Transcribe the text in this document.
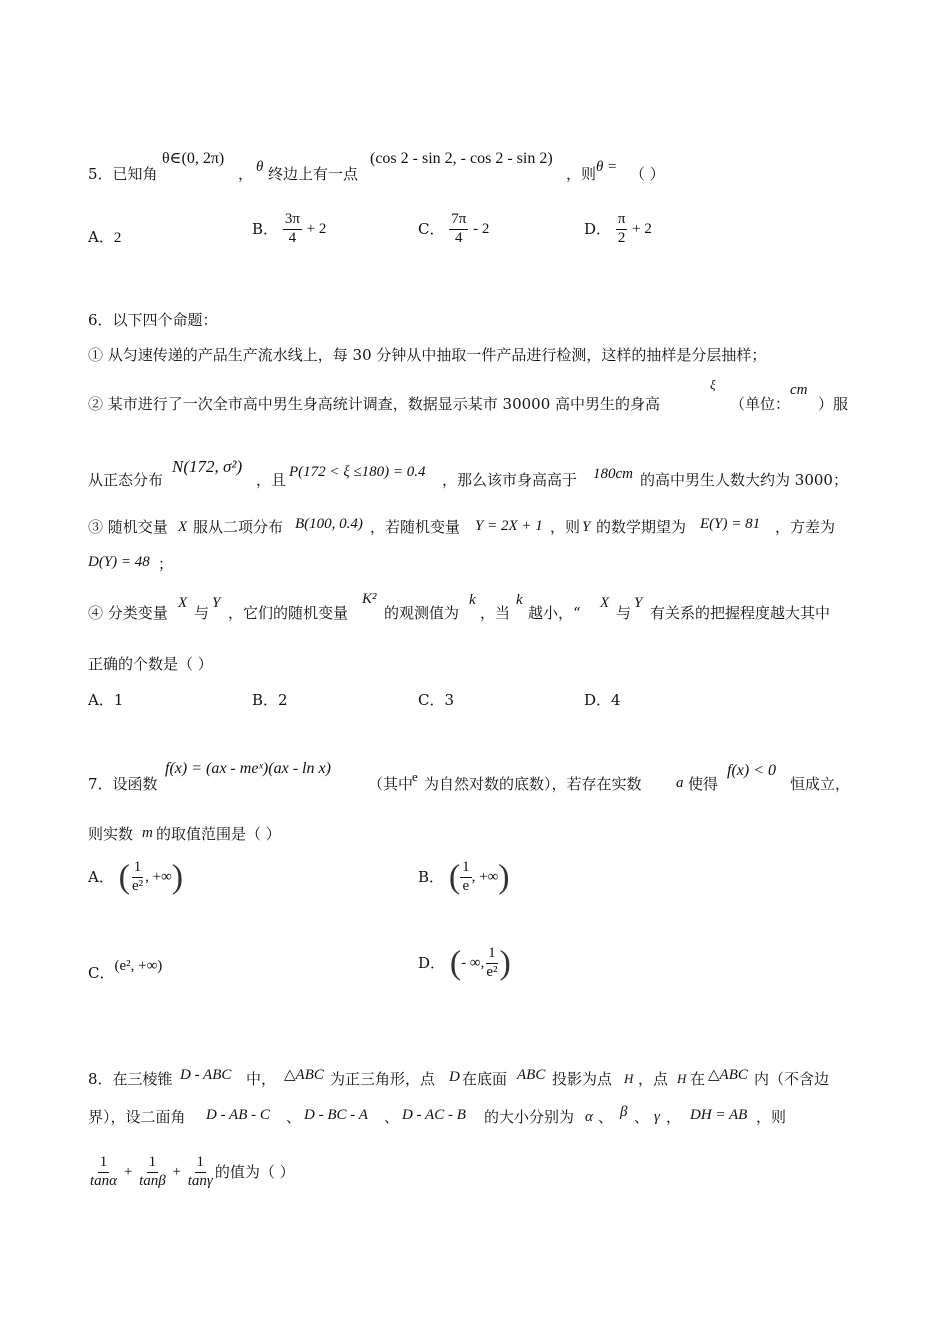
5．已知角
θ∈(0, 2π)
， θ 终边上有一点
(cos 2 - sin 2, - cos 2 - sin 2)
，则 θ = （ ）
A．2
B． $\frac{3\pi}{4} + 2$	C． $\frac{7\pi}{4} - 2$	D． $\frac{\pi}{2} + 2$
6．以下四个命题：
① 从匀速传递的产品生产流水线上，每 30 分钟从中抽取一件产品进行检测，这样的抽样是分层抽样；
② 某市进行了一次全市高中男生身高统计调查，数据显示某市 30000 高中男生的身高
ξ
（单位：
cm
）服
从正态分布
N(172, σ²)
，且 P(172 < ξ ≤180) = 0.4 ，那么该市身高高于 180cm 的高中男生人数大约为 3000；
③ 随机交量 X 服从二项分布 B(100, 0.4) ，若随机变量 Y = 2X + 1 ，则 Y 的数学期望为 E(Y) = 81 ，方差为
D(Y) = 48 ；
④ 分类变量
X
与
Y
，它们的随机变量
K²
的观测值为
k
，当
k
越小，“
X
与
Y
有关系的把握程度越大其中
正确的个数是（ ）
A．1	B．2	C．3	D．4
7．设函数
f(x) = (ax - meˣ)(ax - ln x)
（其中
e 为自然对数的底数），若存在实数 a 使得
f(x) < 0
恒成立，
则实数 m 的取值范围是（ ）
A． ( $\frac{1}{\text{e²}}$ , +∞)	B． ( $\frac{1}{e}$ , +∞)
C．(e², +∞)	D． (- ∞, $\frac{1}{\text{e²}}$ )
8．在三棱锥 D - ABC 中， △ABC 为正三角形，点 D 在底面 ABC 投影为点 H ，点 H 在 △ABC 内（不含边
界），设二面角 D - AB - C 、 D - BC - A 、 D - AC - B 的大小分别为 α 、 β 、 γ ， DH = AB ，则
$\frac{1}{\tan\alpha} + \frac{1}{\tan\beta} + \frac{1}{\tan\gamma}$ 的值为（ ）
